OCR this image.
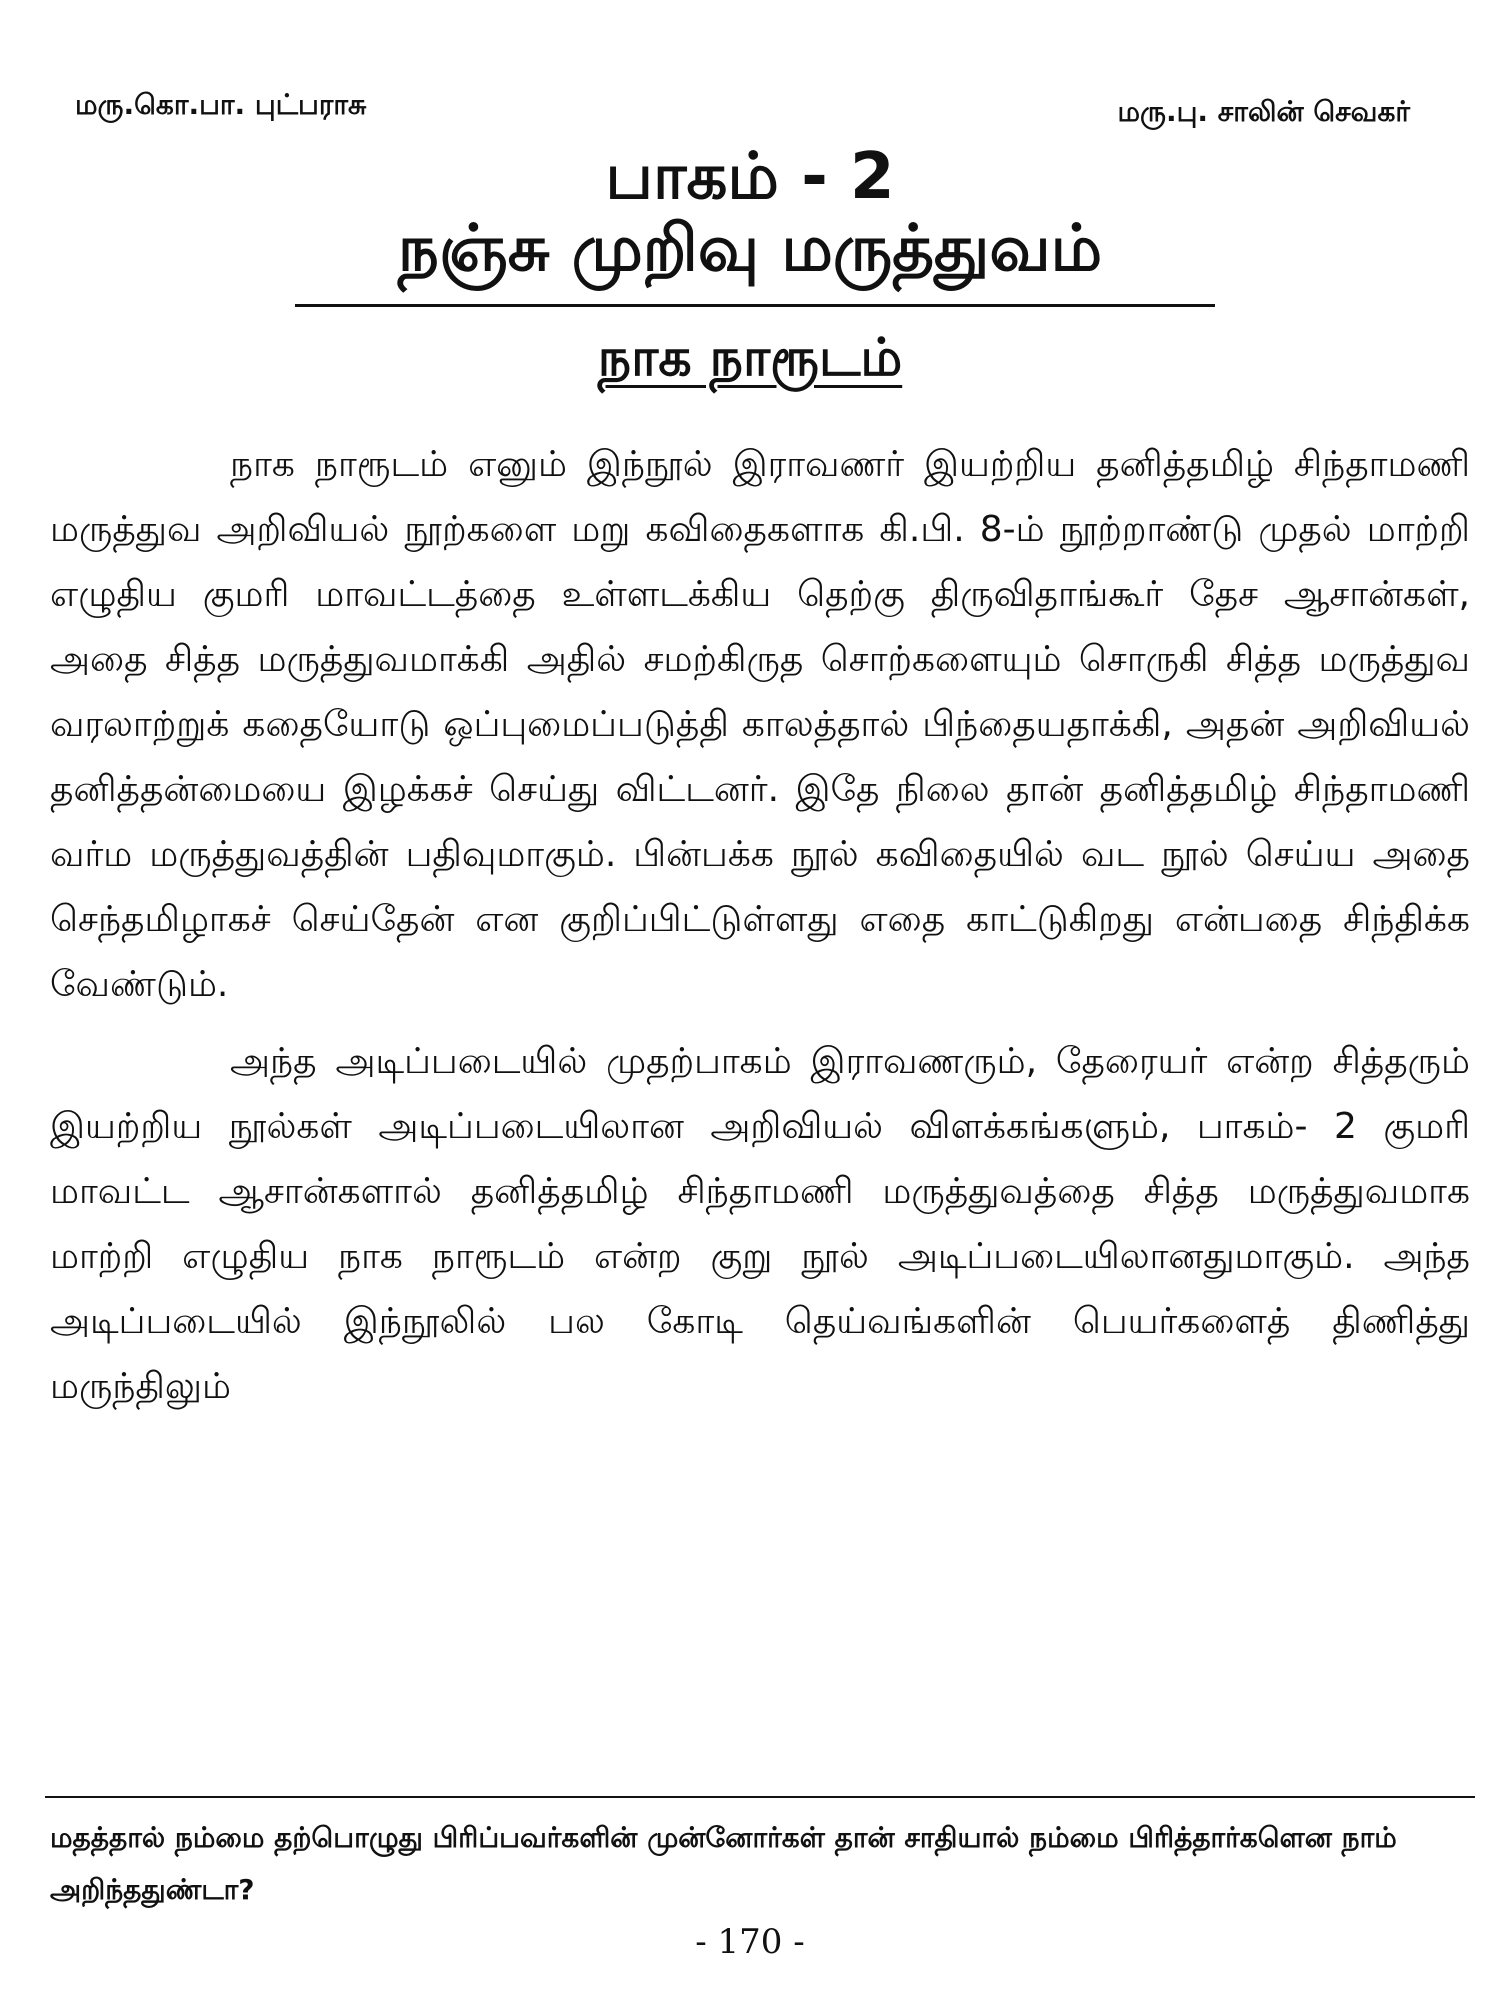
மரு.கொ.பா. புட்பராசு	மரு.பு. சாலின் செவகர்
பாகம் - 2
நஞ்சு முறிவு மருத்துவம்
நாக நாரூடம்

நாக நாரூடம் எனும் இந்நூல் இராவணர் இயற்றிய தனித்தமிழ் சிந்தாமணி மருத்துவ அறிவியல் நூற்களை மறு கவிதைகளாக கி.பி. 8-ம் நூற்றாண்டு முதல் மாற்றி எழுதிய குமரி மாவட்டத்தை உள்ளடக்கிய தெற்கு திருவிதாங்கூர் தேச ஆசான்கள், அதை சித்த மருத்துவமாக்கி அதில் சமற்கிருத சொற்களையும் சொருகி சித்த மருத்துவ வரலாற்றுக் கதையோடு ஒப்புமைப்படுத்தி காலத்தால் பிந்தையதாக்கி, அதன் அறிவியல் தனித்தன்மையை இழக்கச் செய்து விட்டனர். இதே நிலை தான் தனித்தமிழ் சிந்தாமணி வர்ம மருத்துவத்தின் பதிவுமாகும். பின்பக்க நூல் கவிதையில் வட நூல் செய்ய அதை செந்தமிழாகச் செய்தேன் என குறிப்பிட்டுள்ளது எதை காட்டுகிறது என்பதை சிந்திக்க வேண்டும்.

அந்த அடிப்படையில் முதற்பாகம் இராவணரும், தேரையர் என்ற சித்தரும் இயற்றிய நூல்கள் அடிப்படையிலான அறிவியல் விளக்கங்களும், பாகம்- 2 குமரி மாவட்ட ஆசான்களால் தனித்தமிழ் சிந்தாமணி மருத்துவத்தை சித்த மருத்துவமாக மாற்றி எழுதிய நாக நாரூடம் என்ற குறு நூல் அடிப்படையிலானதுமாகும். அந்த அடிப்படையில் இந்நூலில் பல கோடி தெய்வங்களின் பெயர்களைத் திணித்து மருந்திலும்

மதத்தால் நம்மை தற்பொழுது பிரிப்பவர்களின் முன்னோர்கள் தான் சாதியால் நம்மை பிரித்தார்களென நாம் அறிந்ததுண்டா?

- 170 -
